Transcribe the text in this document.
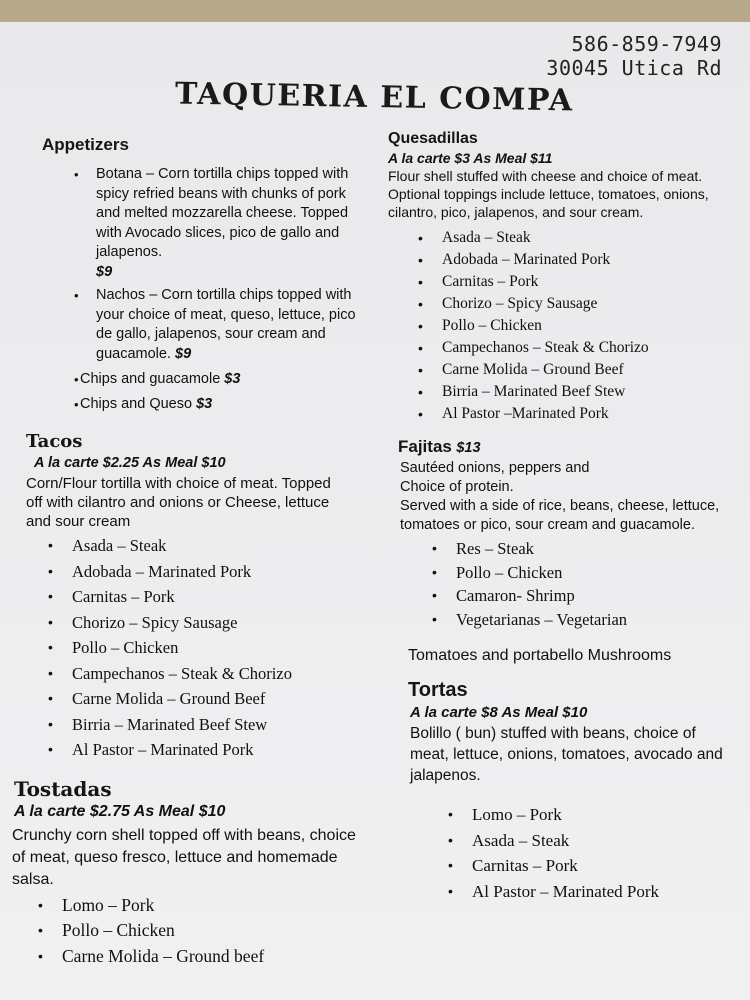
586-859-7949
30045 Utica Rd
TAQUERIA EL COMPA
Appetizers
• Botana – Corn tortilla chips topped with spicy refried beans with chunks of pork and melted mozzarella cheese. Topped with Avocado slices, pico de gallo and jalapenos.
$9
• Nachos – Corn tortilla chips topped with your choice of meat, queso, lettuce, pico de gallo, jalapenos, sour cream and guacamole. $9
• Chips and guacamole $3
• Chips and Queso $3
Tacos
A la carte $2.25 As Meal $10
Corn/Flour tortilla with choice of meat. Topped off with cilantro and onions or Cheese, lettuce and sour cream
• Asada – Steak
• Adobada – Marinated Pork
• Carnitas – Pork
• Chorizo – Spicy Sausage
• Pollo – Chicken
• Campechanos – Steak & Chorizo
• Carne Molida – Ground Beef
• Birria – Marinated Beef Stew
• Al Pastor – Marinated Pork
Tostadas
A la carte $2.75 As Meal $10
Crunchy corn shell topped off with beans, choice of meat, queso fresco, lettuce and homemade salsa.
• Lomo – Pork
• Pollo – Chicken
• Carne Molida – Ground beef
Quesadillas
A la carte $3 As Meal $11
Flour shell stuffed with cheese and choice of meat. Optional toppings include lettuce, tomatoes, onions, cilantro, pico, jalapenos, and sour cream.
• Asada – Steak
• Adobada – Marinated Pork
• Carnitas – Pork
• Chorizo – Spicy Sausage
• Pollo – Chicken
• Campechanos – Steak & Chorizo
• Carne Molida – Ground Beef
• Birria – Marinated Beef Stew
• Al Pastor –Marinated Pork
Fajitas $13
Sautéed onions, peppers and
Choice of protein.
Served with a side of rice, beans, cheese, lettuce, tomatoes or pico, sour cream and guacamole.
• Res – Steak
• Pollo – Chicken
• Camaron- Shrimp
• Vegetarianas – Vegetarian
Tomatoes and portabello Mushrooms
Tortas
A la carte $8 As Meal $10
Bolillo ( bun) stuffed with beans, choice of meat, lettuce, onions, tomatoes, avocado and jalapenos.
• Lomo – Pork
• Asada – Steak
• Carnitas – Pork
• Al Pastor – Marinated Pork
